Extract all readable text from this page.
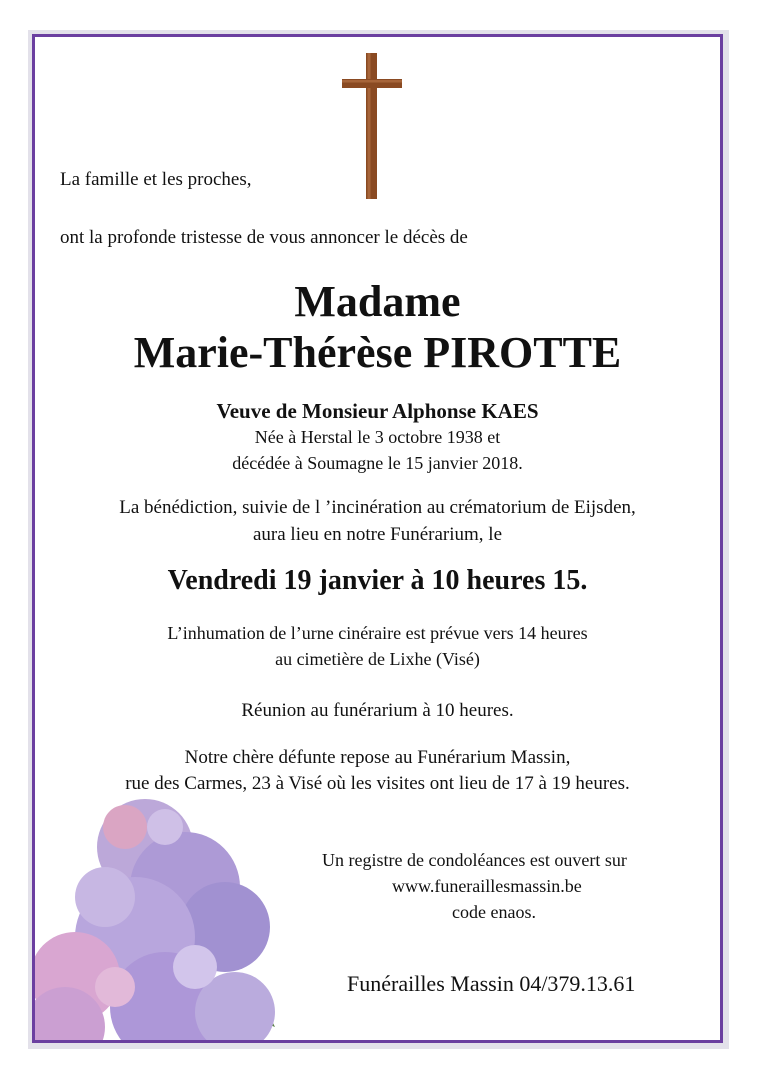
La famille et les proches,
ont la profonde tristesse de vous annoncer le décès de
Madame
Marie-Thérèse PIROTTE
Veuve de Monsieur Alphonse KAES
Née à Herstal le 3 octobre 1938 et
décédée à Soumagne le 15 janvier 2018.
La bénédiction, suivie de l ’incinération au crématorium de Eijsden,
aura lieu en notre Funérarium, le
Vendredi 19 janvier à 10 heures 15.
L’inhumation de l’urne cinéraire est prévue vers 14 heures
au cimetière de Lixhe (Visé)
Réunion au funérarium à 10 heures.
Notre chère défunte repose au Funérarium Massin,
rue des Carmes, 23 à Visé où les visites ont lieu de 17 à 19 heures.
Un registre de condoléances est ouvert sur
www.funeraillesmassin.be
code enaos.
Funérailles Massin 04/379.13.61
